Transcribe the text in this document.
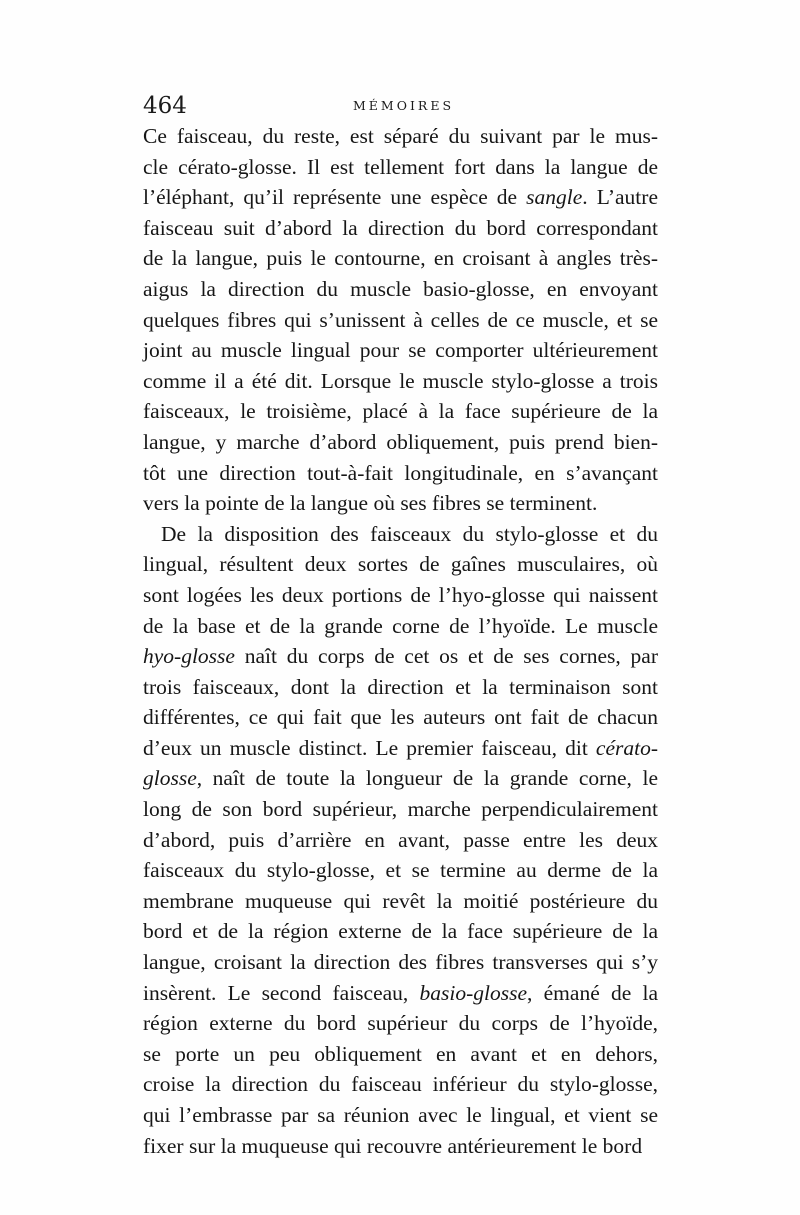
464	MÉMOIRES
Ce faisceau, du reste, est séparé du suivant par le mus-
cle cérato-glosse. Il est tellement fort dans la langue de
l’éléphant, qu’il représente une espèce de sangle. L’autre
faisceau suit d’abord la direction du bord correspondant
de la langue, puis le contourne, en croisant à angles très-
aigus la direction du muscle basio-glosse, en envoyant
quelques fibres qui s’unissent à celles de ce muscle, et se
joint au muscle lingual pour se comporter ultérieurement
comme il a été dit. Lorsque le muscle stylo-glosse a trois
faisceaux, le troisième, placé à la face supérieure de la
langue, y marche d’abord obliquement, puis prend bien-
tôt une direction tout-à-fait longitudinale, en s’avançant
vers la pointe de la langue où ses fibres se terminent.
De la disposition des faisceaux du stylo-glosse et du
lingual, résultent deux sortes de gaînes musculaires, où
sont logées les deux portions de l’hyo-glosse qui naissent
de la base et de la grande corne de l’hyoïde. Le muscle
hyo-glosse naît du corps de cet os et de ses cornes, par
trois faisceaux, dont la direction et la terminaison sont
différentes, ce qui fait que les auteurs ont fait de chacun
d’eux un muscle distinct. Le premier faisceau, dit cérato-
glosse, naît de toute la longueur de la grande corne, le
long de son bord supérieur, marche perpendiculairement
d’abord, puis d’arrière en avant, passe entre les deux
faisceaux du stylo-glosse, et se termine au derme de la
membrane muqueuse qui revêt la moitié postérieure du
bord et de la région externe de la face supérieure de la
langue, croisant la direction des fibres transverses qui s’y
insèrent. Le second faisceau, basio-glosse, émané de la
région externe du bord supérieur du corps de l’hyoïde,
se porte un peu obliquement en avant et en dehors,
croise la direction du faisceau inférieur du stylo-glosse,
qui l’embrasse par sa réunion avec le lingual, et vient se
fixer sur la muqueuse qui recouvre antérieurement le bord
